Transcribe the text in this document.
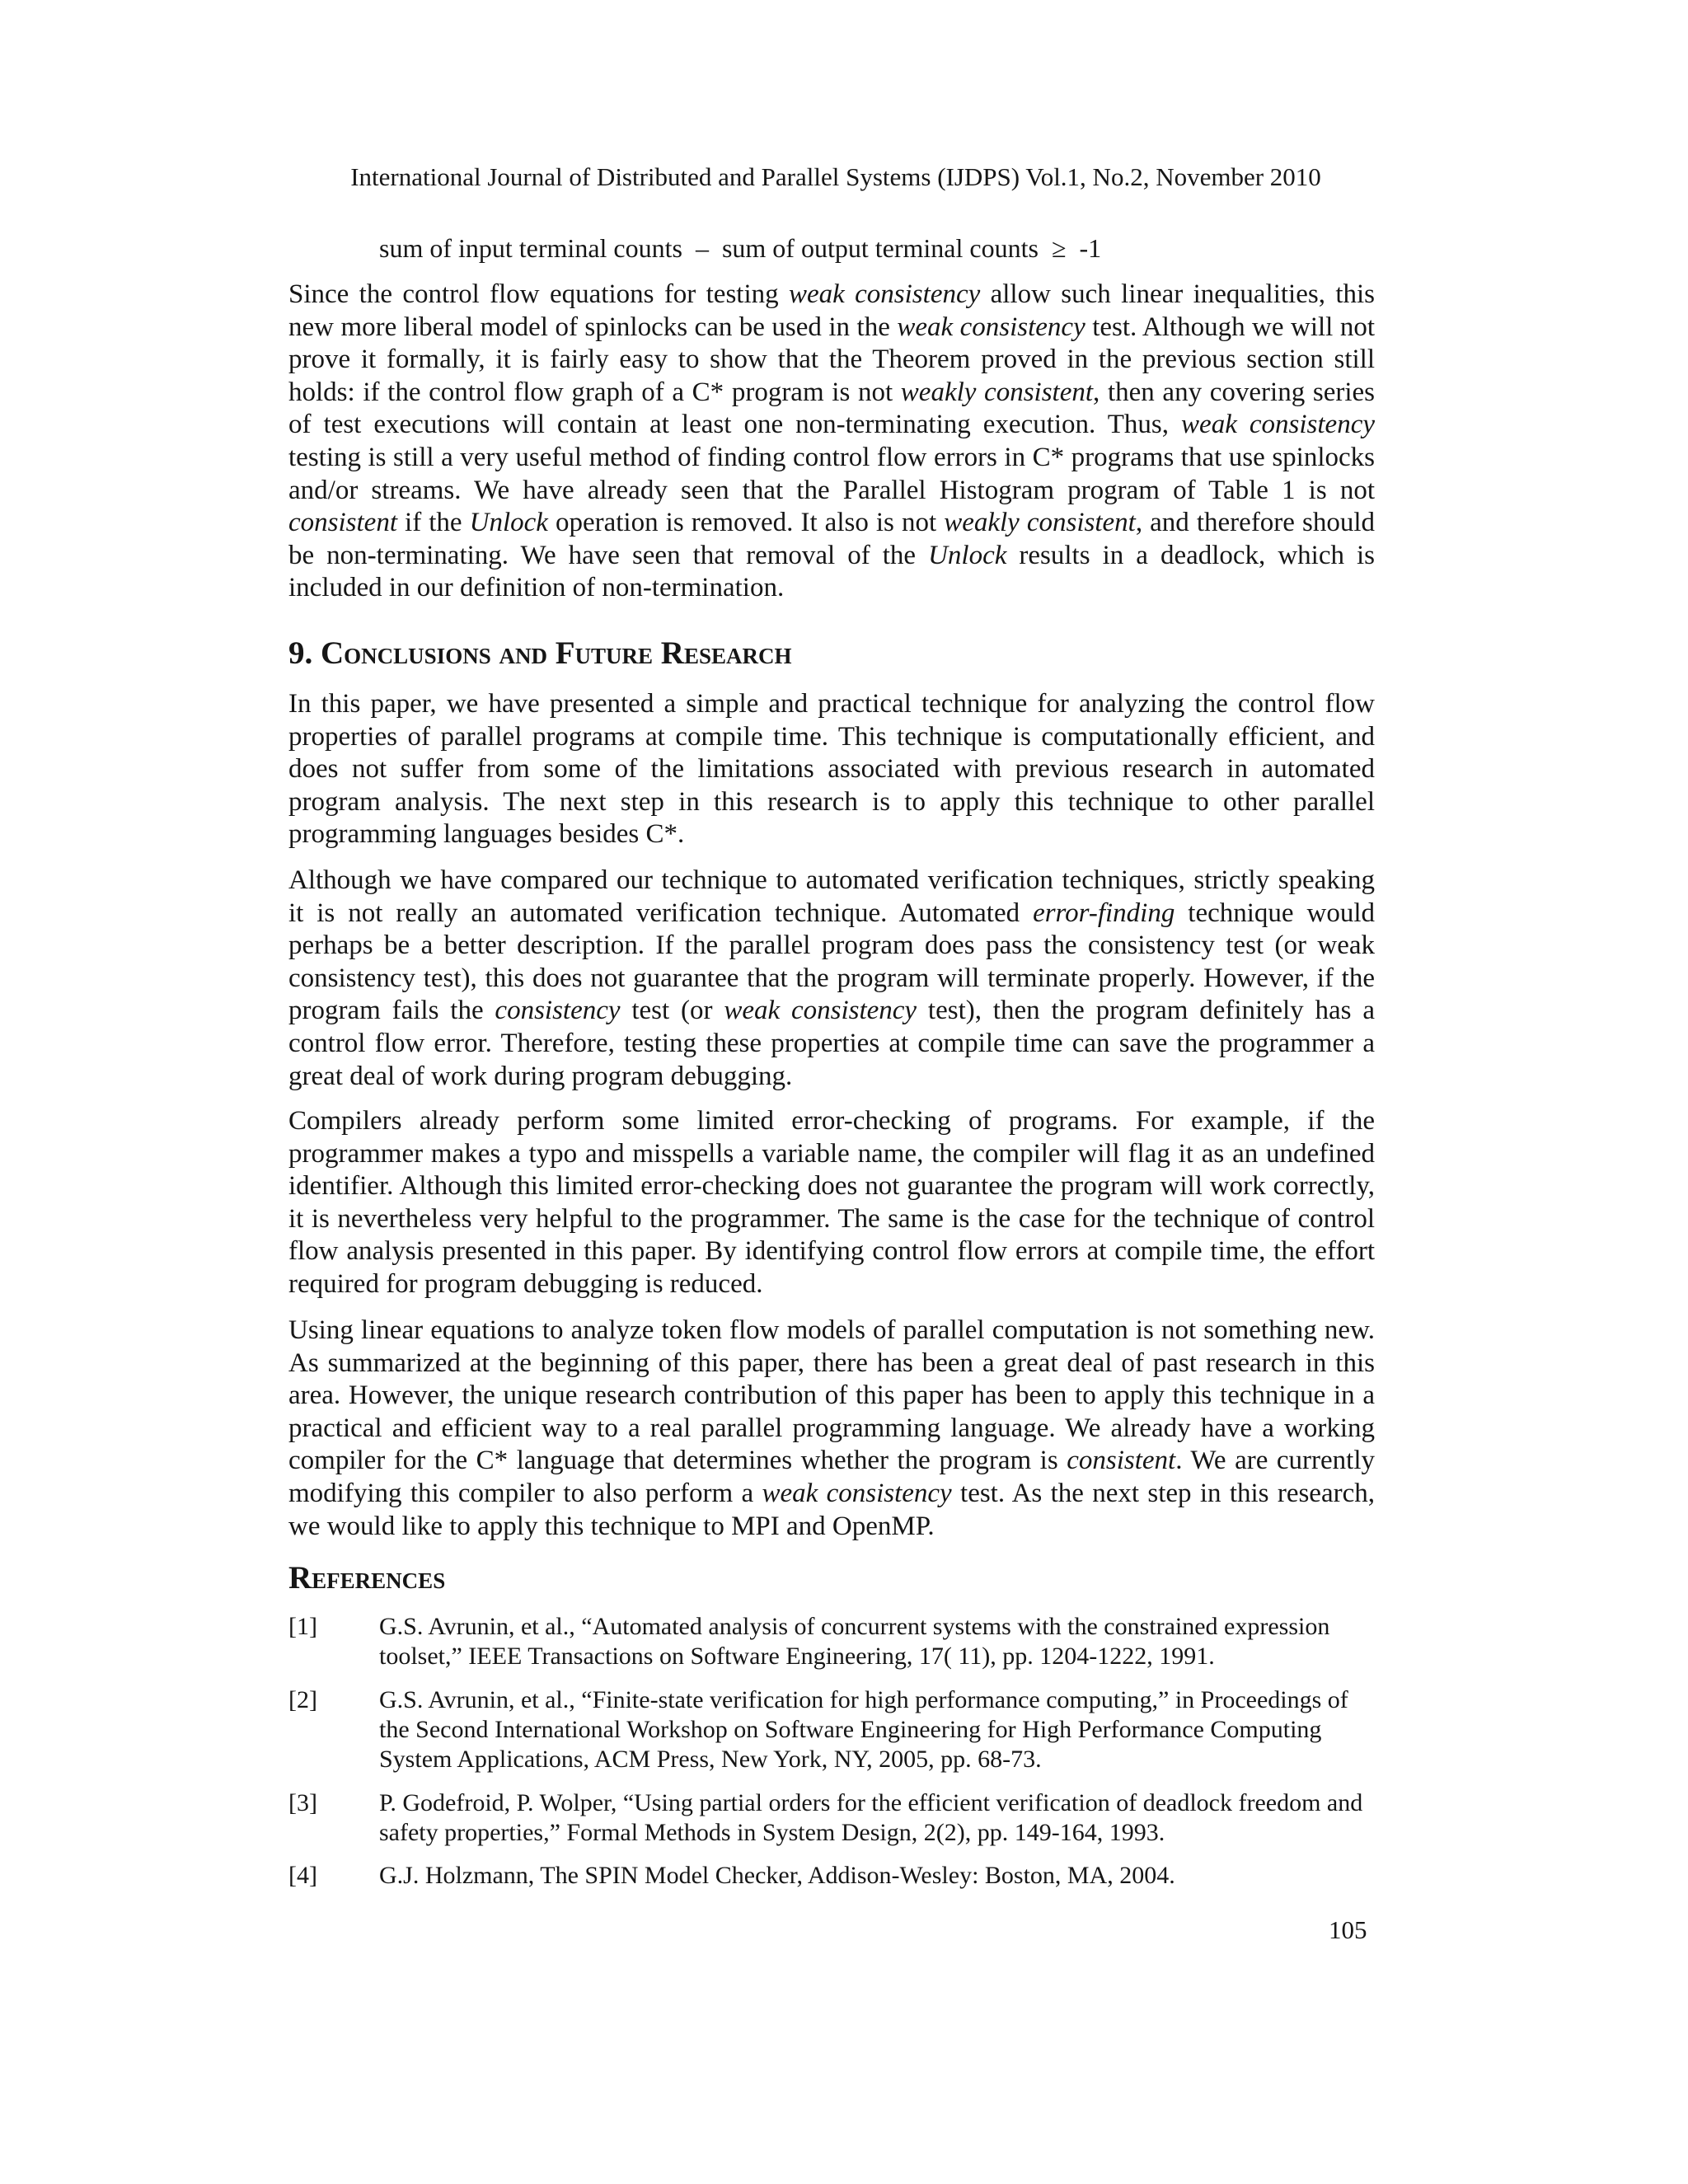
International Journal of Distributed and Parallel Systems (IJDPS) Vol.1, No.2, November 2010
sum of input terminal counts – sum of output terminal counts ≥ -1

Since the control flow equations for testing weak consistency allow such linear inequalities, this new more liberal model of spinlocks can be used in the weak consistency test. Although we will not prove it formally, it is fairly easy to show that the Theorem proved in the previous section still holds: if the control flow graph of a C* program is not weakly consistent, then any covering series of test executions will contain at least one non-terminating execution. Thus, weak consistency testing is still a very useful method of finding control flow errors in C* programs that use spinlocks and/or streams. We have already seen that the Parallel Histogram program of Table 1 is not consistent if the Unlock operation is removed. It also is not weakly consistent, and therefore should be non-terminating. We have seen that removal of the Unlock results in a deadlock, which is included in our definition of non-termination.

9. Conclusions and Future Research

In this paper, we have presented a simple and practical technique for analyzing the control flow properties of parallel programs at compile time. This technique is computationally efficient, and does not suffer from some of the limitations associated with previous research in automated program analysis. The next step in this research is to apply this technique to other parallel programming languages besides C*.

Although we have compared our technique to automated verification techniques, strictly speaking it is not really an automated verification technique. Automated error-finding technique would perhaps be a better description. If the parallel program does pass the consistency test (or weak consistency test), this does not guarantee that the program will terminate properly. However, if the program fails the consistency test (or weak consistency test), then the program definitely has a control flow error. Therefore, testing these properties at compile time can save the programmer a great deal of work during program debugging.

Compilers already perform some limited error-checking of programs. For example, if the programmer makes a typo and misspells a variable name, the compiler will flag it as an undefined identifier. Although this limited error-checking does not guarantee the program will work correctly, it is nevertheless very helpful to the programmer. The same is the case for the technique of control flow analysis presented in this paper. By identifying control flow errors at compile time, the effort required for program debugging is reduced.

Using linear equations to analyze token flow models of parallel computation is not something new. As summarized at the beginning of this paper, there has been a great deal of past research in this area. However, the unique research contribution of this paper has been to apply this technique in a practical and efficient way to a real parallel programming language. We already have a working compiler for the C* language that determines whether the program is consistent. We are currently modifying this compiler to also perform a weak consistency test. As the next step in this research, we would like to apply this technique to MPI and OpenMP.

References
[1]	G.S. Avrunin, et al., “Automated analysis of concurrent systems with the constrained expression toolset,” IEEE Transactions on Software Engineering, 17( 11), pp. 1204-1222, 1991.
[2]	G.S. Avrunin, et al., “Finite-state verification for high performance computing,” in Proceedings of the Second International Workshop on Software Engineering for High Performance Computing System Applications, ACM Press, New York, NY, 2005, pp. 68-73.
[3]	P. Godefroid, P. Wolper, “Using partial orders for the efficient verification of deadlock freedom and safety properties,” Formal Methods in System Design, 2(2), pp. 149-164, 1993.
[4]	G.J. Holzmann, The SPIN Model Checker, Addison-Wesley: Boston, MA, 2004.
105
